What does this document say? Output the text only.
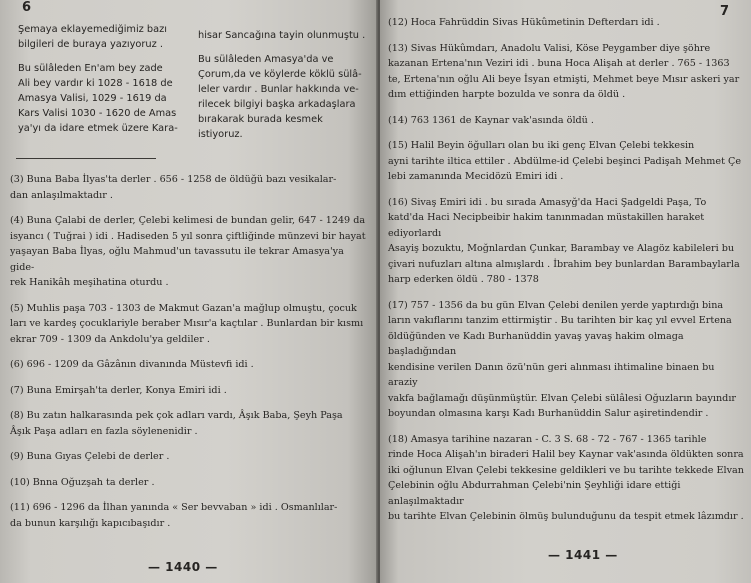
6

Şemaya eklayemediğimiz bazı
bilgileri de buraya yazıyoruz .

Bu sülâleden En'am bey zade
Ali bey vardır ki 1028 - 1618 de
Amasya Valisi, 1029 - 1619 da
Kars Valisi 1030 - 1620 de Amas
ya'yı da idare etmek üzere Kara-

hisar Sancağına tayin olunmuştu .

Bu sülâleden Amasya'da ve
Çorum,da ve köylerde köklü sülâ-
leler vardır . Bunlar hakkında ve-
rilecek bilgiyi başka arkadaşlara
bırakarak burada kesmek istiyoruz.

(3) Buna Baba İlyas'ta derler . 656 - 1258 de öldüğü bazı vesikalar-
dan anlaşılmaktadır .

(4) Buna Çalabi de derler, Çelebi kelimesi de bundan gelir, 647 - 1249 da
isyancı ( Tuğrai ) idi . Hadiseden 5 yıl sonra çiftliğinde münzevi bir hayat
yaşayan Baba İlyas, oğlu Mahmud'un tavassutu ile tekrar Amasya'ya gide-
rek Hanikâh meşihatina oturdu .

(5) Muhlis paşa 703 - 1303 de Makmut Gazan'a mağlup olmuştu, çocuk
ları ve kardeş çocuklariyle beraber Mısır'a kaçtılar . Bunlardan bir kısmı
ekrar 709 - 1309 da Ankdolu'ya geldiler .

(6) 696 - 1209 da Gâzânın divanında Müstevfi idi .

(7) Buna Emirşah'ta derler, Konya Emiri idi .

(8) Bu zatın halkarasında pek çok adları vardı, Âşık Baba, Şeyh Paşa
Âşık Paşa adları en fazla söylenenidir .

(9) Buna Gıyas Çelebi de derler .

(10) Bnna Oğuzşah ta derler .

(11) 696 - 1296 da İlhan yanında « Ser bevvaban » idi . Osmanlılar-
da bunun karşılığı kapıcıbaşıdır .

— 1440 —
7

(12) Hoca Fahrüddin Sivas Hükûmetinin Defterdarı idi .

(13) Sivas Hükûmdarı, Anadolu Valisi, Köse Peygamber diye şöhre
kazanan Ertena'nın Veziri idi . buna Hoca Alişah at derler . 765 - 1363
te, Ertena'nın oğlu Ali beye İsyan etmişti, Mehmet beye Mısır askeri yar
dım ettiğinden harpte bozulda ve sonra da öldü .

(14) 763 1361 de Kaynar vak'asında öldü .

(15) Halil Beyin öğulları olan bu iki genç Elvan Çelebi tekkesin
ayni tarihte iltica ettiler . Abdülme-id Çelebi beşinci Padişah Mehmet Çe
lebi zamanında Mecidözü Emiri idi .

(16) Sivaş Emiri idi . bu sırada Amasyğ'da Haci Şadgeldi Paşa, To
katd'da Haci Necipbeibir hakim tanınmadan müstakillen haraket ediyorlardı
Asayiş bozuktu, Moğnlardan Çunkar, Barambay ve Alagöz kabileleri bu
çivari nufuzları altına almışlardı . İbrahim bey bunlardan Barambaylarla
harp ederken öldü . 780 - 1378

(17) 757 - 1356 da bu gün Elvan Çelebi denilen yerde yaptırdığı bina
ların vakıflarını tanzim ettirmiştir . Bu tarihten bir kaç yıl evvel Ertena
öldüğünden ve Kadı Burhanüddin yavaş yavaş hakim olmaga başladığından
kendisine verilen Danın özü'nün geri alınması ihtimaline binaen bu araziy
vakfa bağlamağı düşünmüştür. Elvan Çelebi sülâlesi Oğuzların bayındır
boyundan olmasına karşı Kadı Burhanüddin Salur aşiretindendir .

(18) Amasya tarihine nazaran - C. 3 S. 68 - 72 - 767 - 1365 tarihle
rinde Hoca Alişah'ın biraderi Halil bey Kaynar vak'asında öldükten sonra
iki oğlunun Elvan Çelebi tekkesine geldikleri ve bu tarihte tekkede Elvan
Çelebinin oğlu Abdurrahman Çelebi'nin Şeyhliği idare ettiği anlaşılmaktadır
bu tarihte Elvan Çelebinin ölmüş bulunduğunu da tespit etmek lâzımdır .

— 1441 —
